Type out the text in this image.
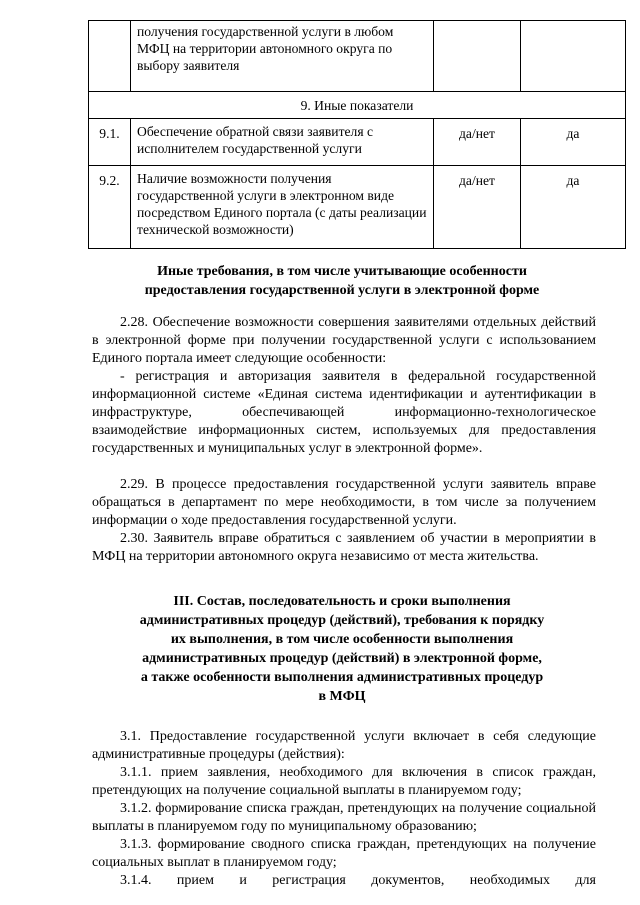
	получения государственной услуги в любом МФЦ на территории автономного округа по выбору заявителя		
9. Иные показатели			
9.1.	Обеспечение обратной связи заявителя с исполнителем государственной услуги	да/нет	да
9.2.	Наличие возможности получения государственной услуги в электронном виде посредством Единого портала (с даты реализации технической возможности)	да/нет	да
Иные требования, в том числе учитывающие особенности
предоставления государственной услуги в электронной форме

2.28. Обеспечение возможности совершения заявителями отдельных действий в электронной форме при получении государственной услуги с использованием Единого портала имеет следующие особенности:

- регистрация и авторизация заявителя в федеральной государственной информационной системе «Единая система идентификации и аутентификации в инфраструктуре, обеспечивающей информационно-технологическое взаимодействие информационных систем, используемых для предоставления государственных и муниципальных услуг в электронной форме».

2.29. В процессе предоставления государственной услуги заявитель вправе обращаться в департамент по мере необходимости, в том числе за получением информации о ходе предоставления государственной услуги.

2.30. Заявитель вправе обратиться с заявлением об участии в мероприятии в МФЦ на территории автономного округа независимо от места жительства.

III. Состав, последовательность и сроки выполнения
административных процедур (действий), требования к порядку
их выполнения, в том числе особенности выполнения
административных процедур (действий) в электронной форме,
а также особенности выполнения административных процедур
в МФЦ

3.1. Предоставление государственной услуги включает в себя следующие административные процедуры (действия):

3.1.1. прием заявления, необходимого для включения в список граждан, претендующих на получение социальной выплаты в планируемом году;

3.1.2. формирование списка граждан, претендующих на получение социальной выплаты в планируемом году по муниципальному образованию;

3.1.3. формирование сводного списка граждан, претендующих на получение социальных выплат в планируемом году;

3.1.4. прием и регистрация документов, необходимых для
